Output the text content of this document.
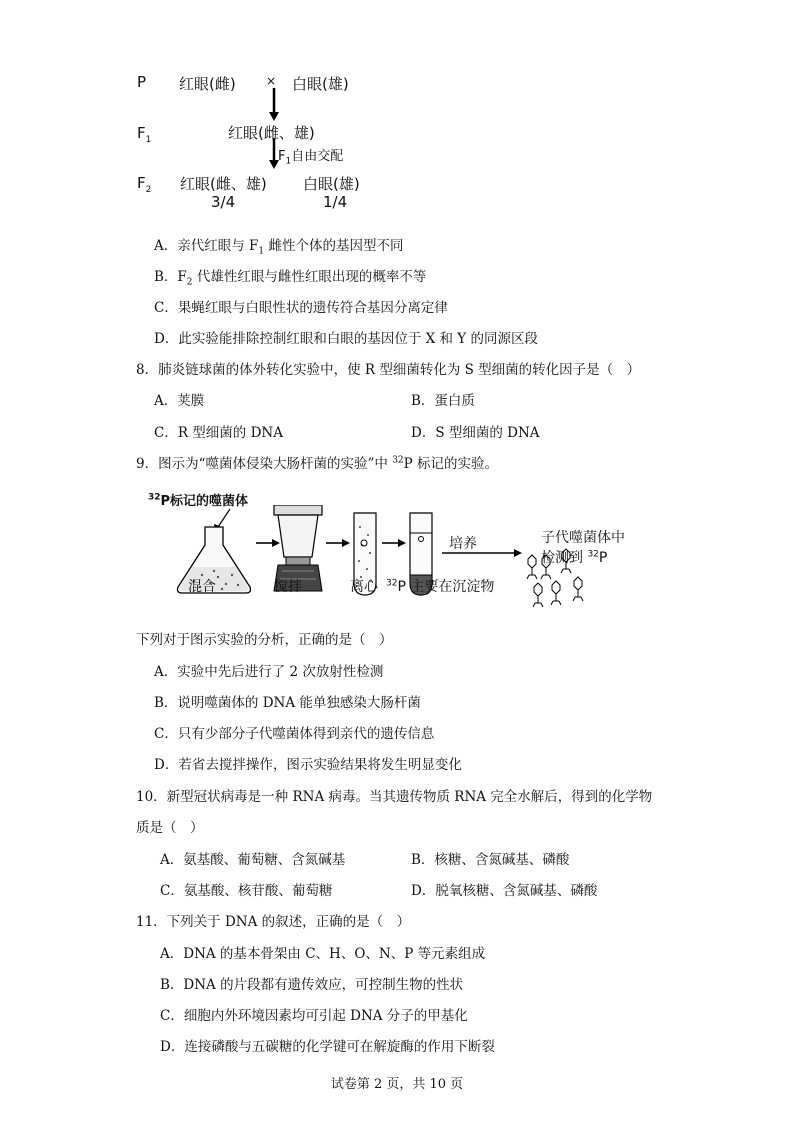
P 红眼(雌)	× 白眼(雄)
$F_1$	红眼(雌、雄)
$F_1$自由交配
$F_2$ 红眼(雌、雄) 白眼(雄)
3/4	1/4
A．亲代红眼与 $F_1$ 雌性个体的基因型不同
B．$F_2$ 代雄性红眼与雌性红眼出现的概率不等
C．果蝇红眼与白眼性状的遗传符合基因分离定律
D．此实验能排除控制红眼和白眼的基因位于 X 和 Y 的同源区段
8．肺炎链球菌的体外转化实验中，使 R 型细菌转化为 S 型细菌的转化因子是（　）
A．荚膜	B．蛋白质
C．R 型细菌的 DNA	D．S 型细菌的 DNA
9．图示为“噬菌体侵染大肠杆菌的实验”中 $^{32}$P 标记的实验。
$^{32}$P标记的噬菌体
混合	搅拌	离心 $^{32}$P 主要在沉淀物
培养	子代噬菌体中
检测到 $^{32}$P
下列对于图示实验的分析，正确的是（　）
A．实验中先后进行了 2 次放射性检测
B．说明噬菌体的 DNA 能单独感染大肠杆菌
C．只有少部分子代噬菌体得到亲代的遗传信息
D．若省去搅拌操作，图示实验结果将发生明显变化
10．新型冠状病毒是一种 RNA 病毒。当其遗传物质 RNA 完全水解后，得到的化学物
质是（　）
A．氨基酸、葡萄糖、含氮碱基	B．核糖、含氮碱基、磷酸
C．氨基酸、核苷酸、葡萄糖	D．脱氧核糖、含氮碱基、磷酸
11．下列关于 DNA 的叙述，正确的是（　）
A．DNA 的基本骨架由 C、H、O、N、P 等元素组成
B．DNA 的片段都有遗传效应，可控制生物的性状
C．细胞内外环境因素均可引起 DNA 分子的甲基化
D．连接磷酸与五碳糖的化学键可在解旋酶的作用下断裂
试卷第 2 页，共 10 页
